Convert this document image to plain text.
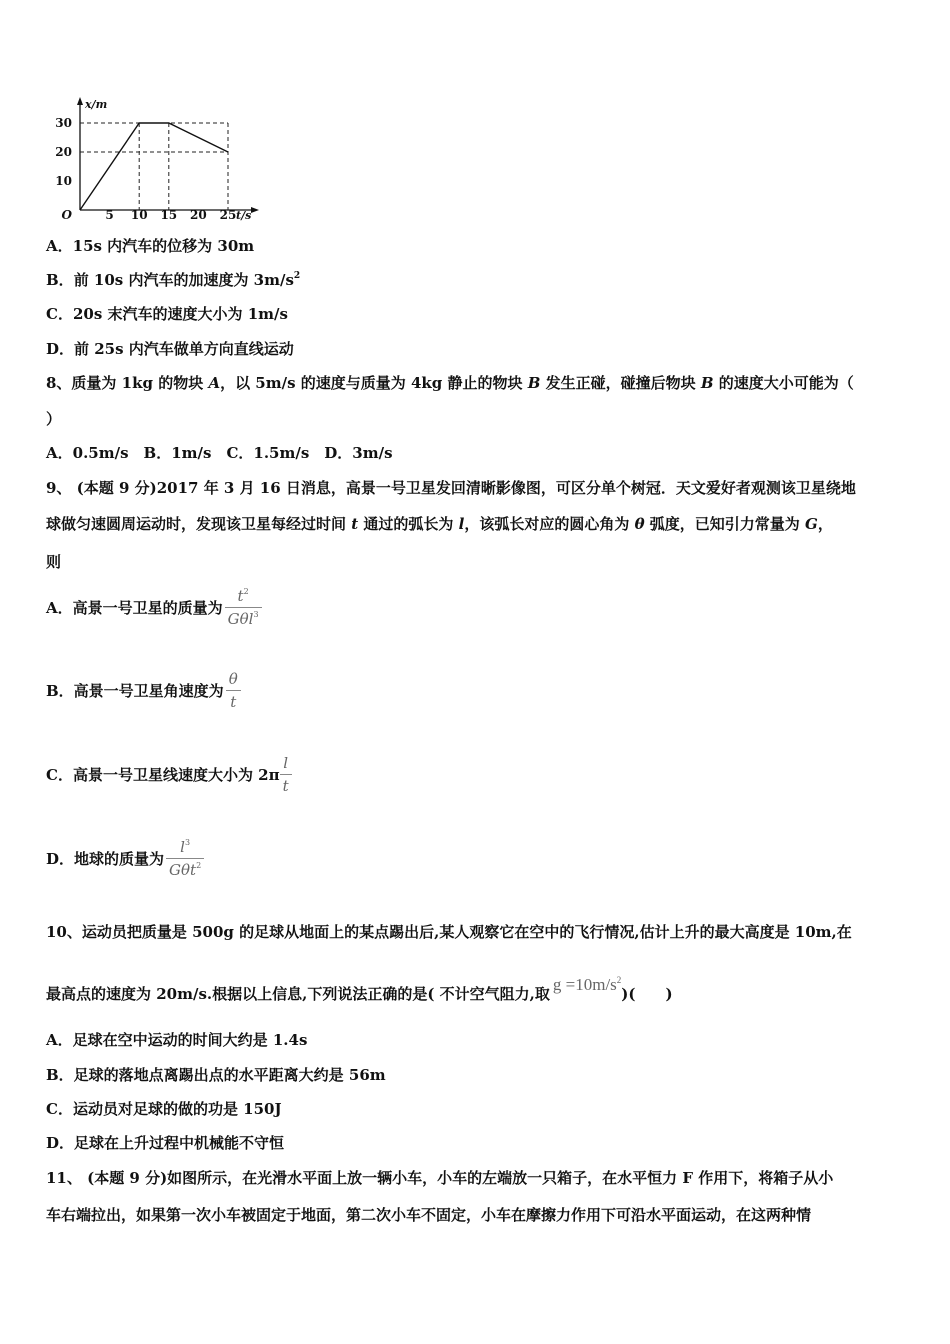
5 10 15 20 25
10
20
30
O	t/s
x/m
A．15s 内汽车的位移为 30m
B．前 10s 内汽车的加速度为 $3m/s^2$
C．20s 末汽车的速度大小为 1m/s
D．前 25s 内汽车做单方向直线运动
8、质量为 1kg 的物块 A，以 5m/s 的速度与质量为 4kg 静止的物块 B 发生正碰，碰撞后物块 B 的速度大小可能为（
）
A．0.5m/s　B．1m/s　C．1.5m/s　D．3m/s
9、 (本题 9 分)2017 年 3 月 16 日消息，高景一号卫星发回清晰影像图，可区分单个树冠．天文爱好者观测该卫星绕地
球做匀速圆周运动时，发现该卫星每经过时间 t 通过的弧长为 l，该弧长对应的圆心角为 θ 弧度，已知引力常量为 G，
则
A．高景一号卫星的质量为 $\frac{t^2}{G\theta l^3}$
B．高景一号卫星角速度为 $\frac{\theta}{t}$
C．高景一号卫星线速度大小为 $2\pi \frac{l}{t}$
D．地球的质量为 $\frac{l^3}{G\theta t^2}$
10、运动员把质量是 500g 的足球从地面上的某点踢出后,某人观察它在空中的飞行情况,估计上升的最大高度是 10m,在
最高点的速度为 20m/s.根据以上信息,下列说法正确的是( 不计空气阻力,取 $g =10m/s^2$)(　　)
A．足球在空中运动的时间大约是 1.4s
B．足球的落地点离踢出点的水平距离大约是 56m
C．运动员对足球的做的功是 150J
D．足球在上升过程中机械能不守恒
11、 (本题 9 分)如图所示，在光滑水平面上放一辆小车，小车的左端放一只箱子，在水平恒力 F 作用下，将箱子从小
车右端拉出，如果第一次小车被固定于地面，第二次小车不固定，小车在摩擦力作用下可沿水平面运动，在这两种情
